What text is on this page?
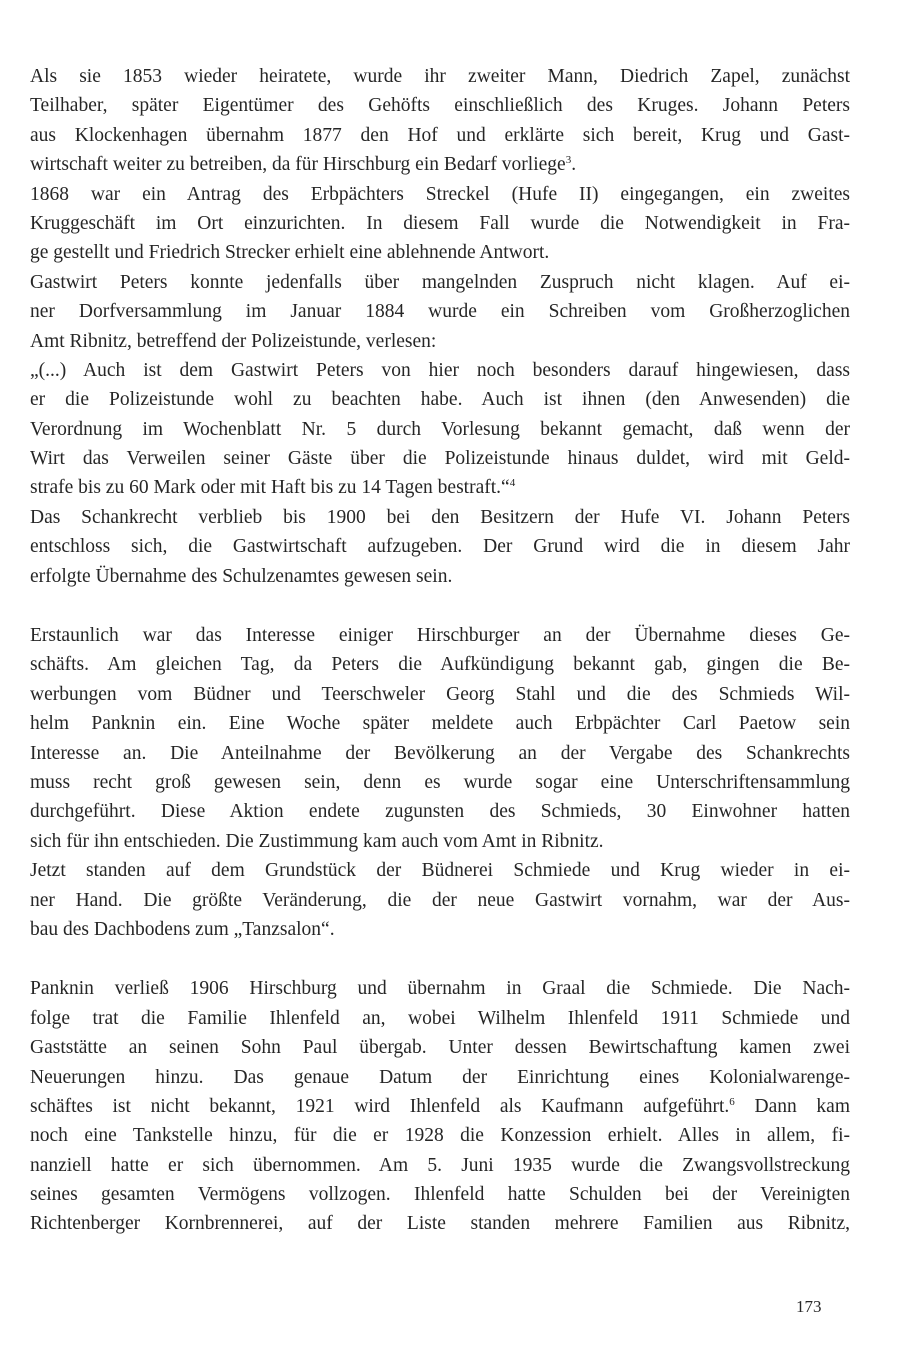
Als sie 1853 wieder heiratete, wurde ihr zweiter Mann, Diedrich Zapel, zunächst
Teilhaber, später Eigentümer des Gehöfts einschließlich des Kruges. Johann Peters
aus Klockenhagen übernahm 1877 den Hof und erklärte sich bereit, Krug und Gast-
wirtschaft weiter zu betreiben, da für Hirschburg ein Bedarf vorliege$^3$.
1868 war ein Antrag des Erbpächters Streckel (Hufe II) eingegangen, ein zweites
Kruggeschäft im Ort einzurichten. In diesem Fall wurde die Notwendigkeit in Fra-
ge gestellt und Friedrich Strecker erhielt eine ablehnende Antwort.
Gastwirt Peters konnte jedenfalls über mangelnden Zuspruch nicht klagen. Auf ei-
ner Dorfversammlung im Januar 1884 wurde ein Schreiben vom Großherzoglichen
Amt Ribnitz, betreffend der Polizeistunde, verlesen:
„(...) Auch ist dem Gastwirt Peters von hier noch besonders darauf hingewiesen, dass
er die Polizeistunde wohl zu beachten habe. Auch ist ihnen (den Anwesenden) die
Verordnung im Wochenblatt Nr. 5 durch Vorlesung bekannt gemacht, daß wenn der
Wirt das Verweilen seiner Gäste über die Polizeistunde hinaus duldet, wird mit Geld-
strafe bis zu 60 Mark oder mit Haft bis zu 14 Tagen bestraft.“$^4$
Das Schankrecht verblieb bis 1900 bei den Besitzern der Hufe VI. Johann Peters
entschloss sich, die Gastwirtschaft aufzugeben. Der Grund wird die in diesem Jahr
erfolgte Übernahme des Schulzenamtes gewesen sein.
Erstaunlich war das Interesse einiger Hirschburger an der Übernahme dieses Ge-
schäfts. Am gleichen Tag, da Peters die Aufkündigung bekannt gab, gingen die Be-
werbungen vom Büdner und Teerschweler Georg Stahl und die des Schmieds Wil-
helm Panknin ein. Eine Woche später meldete auch Erbpächter Carl Paetow sein
Interesse an. Die Anteilnahme der Bevölkerung an der Vergabe des Schankrechts
muss recht groß gewesen sein, denn es wurde sogar eine Unterschriftensammlung
durchgeführt. Diese Aktion endete zugunsten des Schmieds, 30 Einwohner hatten
sich für ihn entschieden. Die Zustimmung kam auch vom Amt in Ribnitz.
Jetzt standen auf dem Grundstück der Büdnerei Schmiede und Krug wieder in ei-
ner Hand. Die größte Veränderung, die der neue Gastwirt vornahm, war der Aus-
bau des Dachbodens zum „Tanzsalon“.
Panknin verließ 1906 Hirschburg und übernahm in Graal die Schmiede. Die Nach-
folge trat die Familie Ihlenfeld an, wobei Wilhelm Ihlenfeld 1911 Schmiede und
Gaststätte an seinen Sohn Paul übergab. Unter dessen Bewirtschaftung kamen zwei
Neuerungen hinzu. Das genaue Datum der Einrichtung eines Kolonialwarenge-
schäftes ist nicht bekannt, 1921 wird Ihlenfeld als Kaufmann aufgeführt.$^6$ Dann kam
noch eine Tankstelle hinzu, für die er 1928 die Konzession erhielt. Alles in allem, fi-
nanziell hatte er sich übernommen. Am 5. Juni 1935 wurde die Zwangsvollstreckung
seines gesamten Vermögens vollzogen. Ihlenfeld hatte Schulden bei der Vereinigten
Richtenberger Kornbrennerei, auf der Liste standen mehrere Familien aus Ribnitz,
173
